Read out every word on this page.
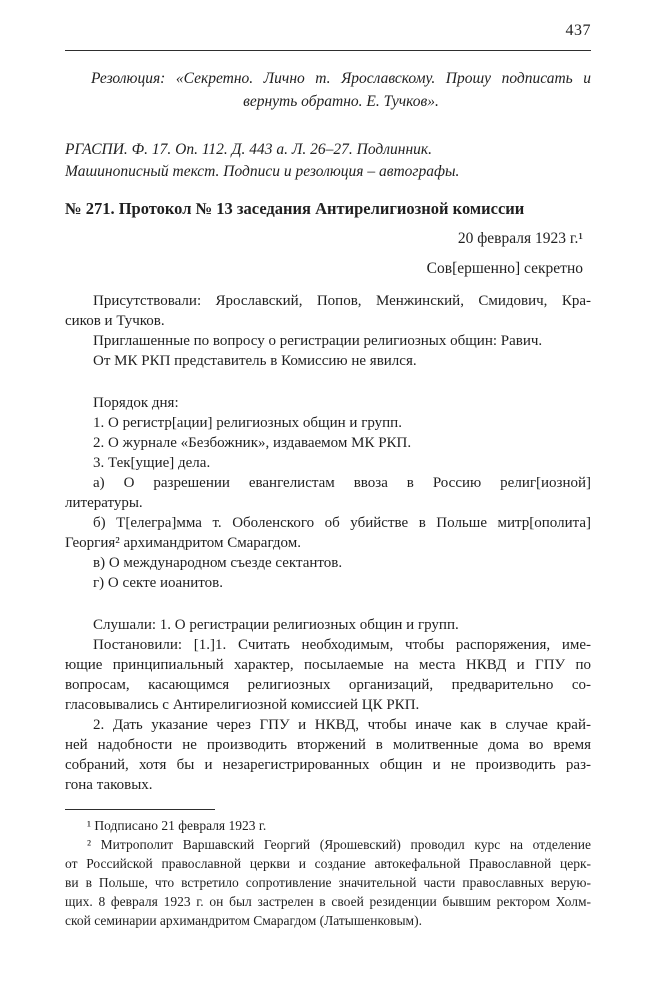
437
Резолюция: «Секретно. Лично т. Ярославскому. Прошу подписать и
вернуть обратно. Е. Тучков».
РГАСПИ. Ф. 17. Оп. 112. Д. 443 а. Л. 26–27. Подлинник.
Машинописный текст. Подписи и резолюция – автографы.
№ 271. Протокол № 13 заседания Антирелигиозной комиссии
20 февраля 1923 г.¹
Сов[ершенно] секретно
Присутствовали: Ярославский, Попов, Менжинский, Смидович, Кра-
сиков и Тучков.
Приглашенные по вопросу о регистрации религиозных общин: Равич.
От МК РКП представитель в Комиссию не явился.
Порядок дня:
1. О регистр[ации] религиозных общин и групп.
2. О журнале «Безбожник», издаваемом МК РКП.
3. Тек[ущие] дела.
а) О разрешении евангелистам ввоза в Россию религ[иозной]
литературы.
б) Т[елегра]мма т. Оболенского об убийстве в Польше митр[ополита]
Георгия² архимандритом Смарагдом.
в) О международном съезде сектантов.
г) О секте иоанитов.
Слушали: 1. О регистрации религиозных общин и групп.
Постановили: [1.]1. Считать необходимым, чтобы распоряжения, име-
ющие принципиальный характер, посылаемые на места НКВД и ГПУ по
вопросам, касающимся религиозных организаций, предварительно со-
гласовывались с Антирелигиозной комиссией ЦК РКП.
2. Дать указание через ГПУ и НКВД, чтобы иначе как в случае край-
ней надобности не производить вторжений в молитвенные дома во время
собраний, хотя бы и незарегистрированных общин и не производить раз-
гона таковых.
¹ Подписано 21 февраля 1923 г.
² Митрополит Варшавский Георгий (Ярошевский) проводил курс на отделение
от Российской православной церкви и создание автокефальной Православной церк-
ви в Польше, что встретило сопротивление значительной части православных верую-
щих. 8 февраля 1923 г. он был застрелен в своей резиденции бывшим ректором Холм-
ской семинарии архимандритом Смарагдом (Латышенковым).
